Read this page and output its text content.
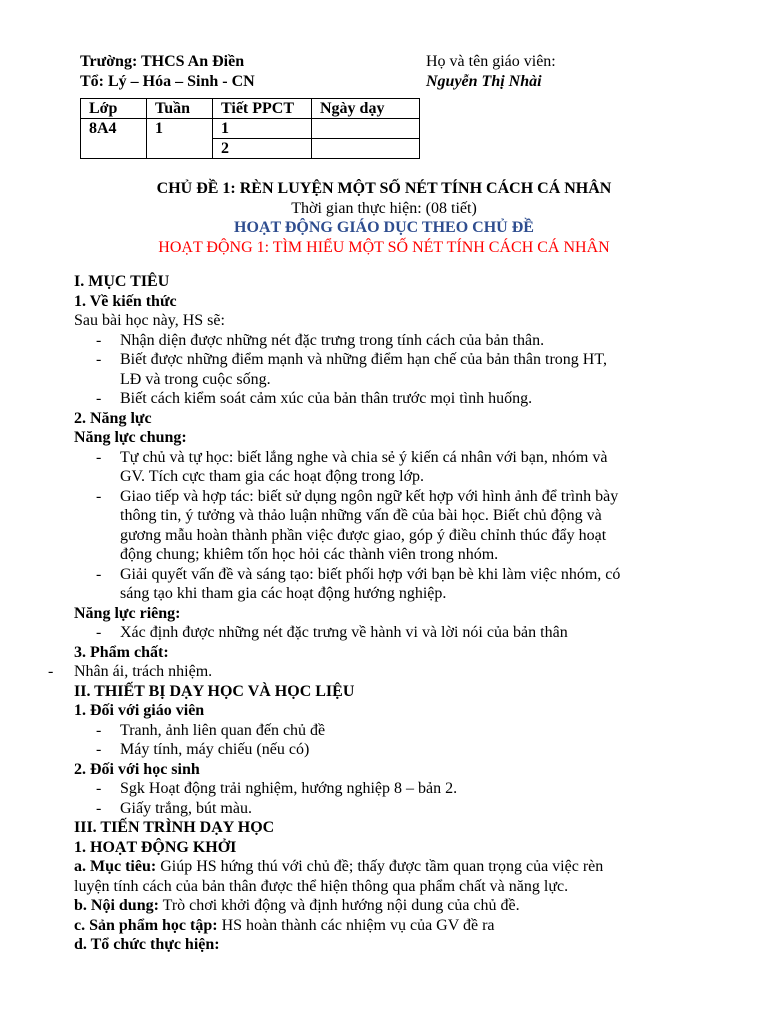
Trường: THCS An Điền
Tổ: Lý – Hóa – Sinh - CN
Họ và tên giáo viên:
Nguyễn Thị Nhài
Lớp	Tuần	Tiết PPCT	Ngày dạy
8A4	1	1	
		2	
CHỦ ĐỀ 1: RÈN LUYỆN MỘT SỐ NÉT TÍNH CÁCH CÁ NHÂN
Thời gian thực hiện: (08 tiết)
HOẠT ĐỘNG GIÁO DỤC THEO CHỦ ĐỀ
HOẠT ĐỘNG 1: TÌM HIỂU MỘT SỐ NÉT TÍNH CÁCH CÁ NHÂN
I. MỤC TIÊU
1. Về kiến thức
Sau bài học này, HS sẽ:
- Nhận diện được những nét đặc trưng trong tính cách của bản thân.
- Biết được những điểm mạnh và những điểm hạn chế của bản thân trong HT,
LĐ và trong cuộc sống.
- Biết cách kiểm soát cảm xúc của bản thân trước mọi tình huống.
2. Năng lực
Năng lực chung:
- Tự chủ và tự học: biết lắng nghe và chia sẻ ý kiến cá nhân với bạn, nhóm và
GV. Tích cực tham gia các hoạt động trong lớp.
- Giao tiếp và hợp tác: biết sử dụng ngôn ngữ kết hợp với hình ảnh để trình bày
thông tin, ý tưởng và thảo luận những vấn đề của bài học. Biết chủ động và
gương mẫu hoàn thành phần việc được giao, góp ý điều chỉnh thúc đẩy hoạt
động chung; khiêm tốn học hỏi các thành viên trong nhóm.
- Giải quyết vấn đề và sáng tạo: biết phối hợp với bạn bè khi làm việc nhóm, có
sáng tạo khi tham gia các hoạt động hướng nghiệp.
Năng lực riêng:
- Xác định được những nét đặc trưng về hành vi và lời nói của bản thân
3. Phẩm chất:
- Nhân ái, trách nhiệm.
II. THIẾT BỊ DẠY HỌC VÀ HỌC LIỆU
1. Đối với giáo viên
- Tranh, ảnh liên quan đến chủ đề
- Máy tính, máy chiếu (nếu có)
2. Đối với học sinh
- Sgk Hoạt động trải nghiệm, hướng nghiệp 8 – bản 2.
- Giấy trắng, bút màu.
III. TIẾN TRÌNH DẠY HỌC
1. HOẠT ĐỘNG KHỞI
a. Mục tiêu: Giúp HS hứng thú với chủ đề; thấy được tầm quan trọng của việc rèn
luyện tính cách của bản thân được thể hiện thông qua phẩm chất và năng lực.
b. Nội dung: Trò chơi khởi động và định hướng nội dung của chủ đề.
c. Sản phẩm học tập: HS hoàn thành các nhiệm vụ của GV đề ra
d. Tổ chức thực hiện:
